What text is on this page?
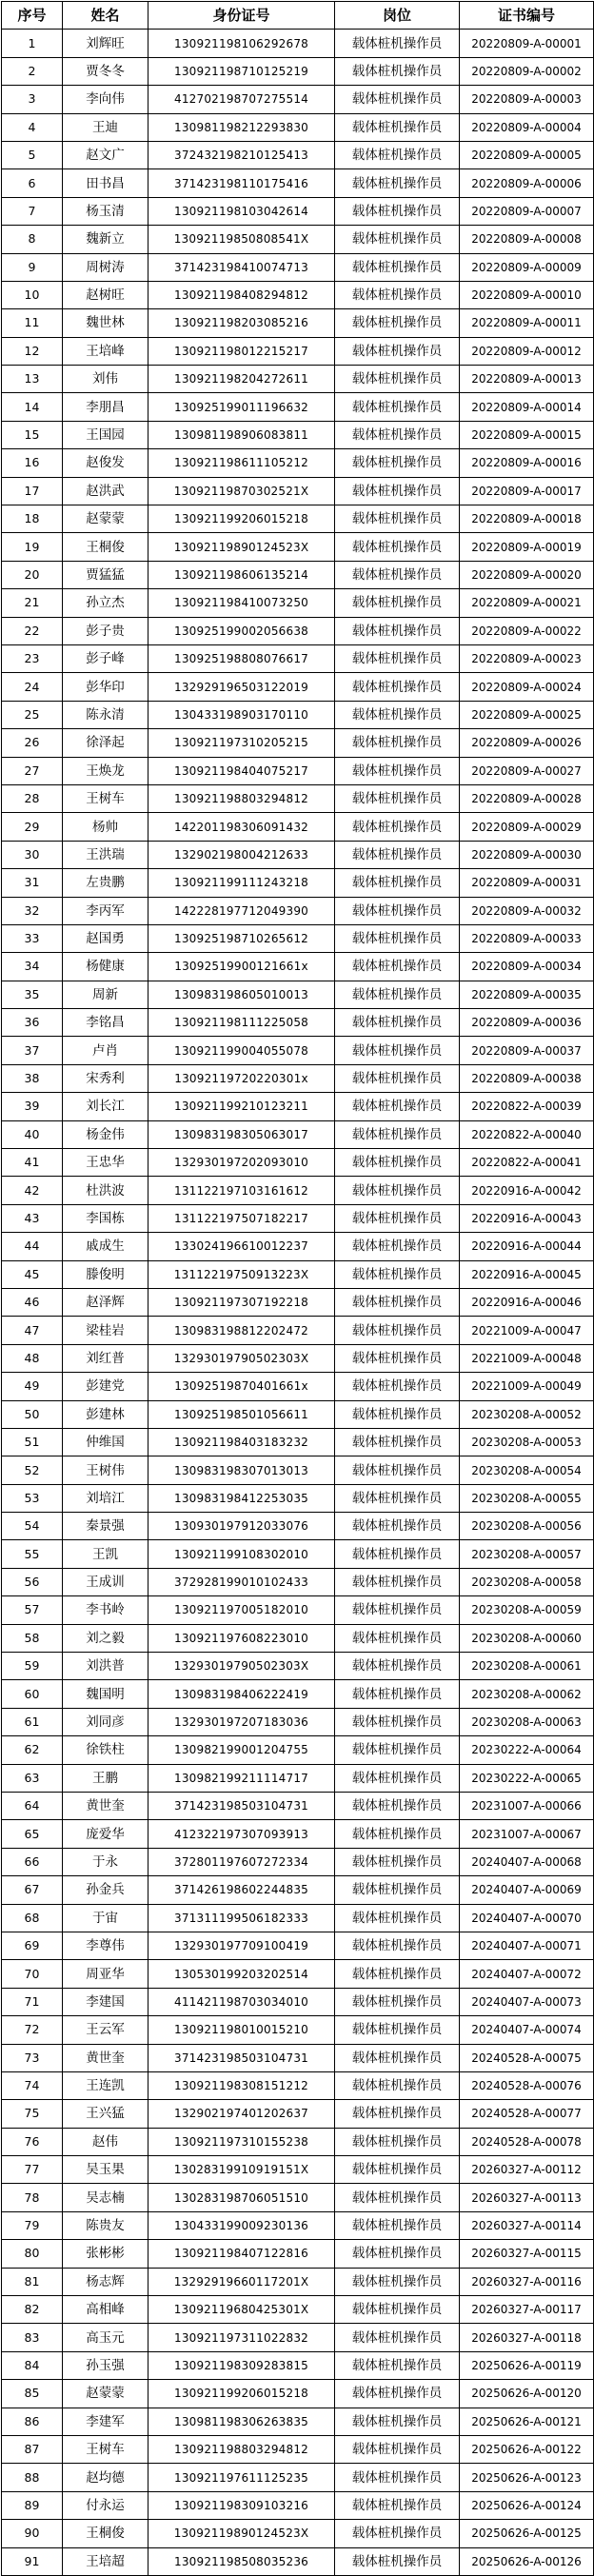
序号	姓名	身份证号	岗位	证书编号
1	刘辉旺	130921198106292678	载体桩机操作员	20220809-A-00001
2	贾冬冬	130921198710125219	载体桩机操作员	20220809-A-00002
3	李向伟	412702198707275514	载体桩机操作员	20220809-A-00003
4	王迪	130981198212293830	载体桩机操作员	20220809-A-00004
5	赵文广	372432198210125413	载体桩机操作员	20220809-A-00005
6	田书昌	371423198110175416	载体桩机操作员	20220809-A-00006
7	杨玉清	130921198103042614	载体桩机操作员	20220809-A-00007
8	魏新立	13092119850808541X	载体桩机操作员	20220809-A-00008
9	周树涛	371423198410074713	载体桩机操作员	20220809-A-00009
10	赵树旺	130921198408294812	载体桩机操作员	20220809-A-00010
11	魏世林	130921198203085216	载体桩机操作员	20220809-A-00011
12	王培峰	130921198012215217	载体桩机操作员	20220809-A-00012
13	刘伟	130921198204272611	载体桩机操作员	20220809-A-00013
14	李朋昌	130925199011196632	载体桩机操作员	20220809-A-00014
15	王国园	130981198906083811	载体桩机操作员	20220809-A-00015
16	赵俊发	130921198611105212	载体桩机操作员	20220809-A-00016
17	赵洪武	13092119870302521X	载体桩机操作员	20220809-A-00017
18	赵蒙蒙	130921199206015218	载体桩机操作员	20220809-A-00018
19	王桐俊	13092119890124523X	载体桩机操作员	20220809-A-00019
20	贾猛猛	130921198606135214	载体桩机操作员	20220809-A-00020
21	孙立杰	130921198410073250	载体桩机操作员	20220809-A-00021
22	彭子贵	130925199002056638	载体桩机操作员	20220809-A-00022
23	彭子峰	130925198808076617	载体桩机操作员	20220809-A-00023
24	彭华印	132929196503122019	载体桩机操作员	20220809-A-00024
25	陈永清	130433198903170110	载体桩机操作员	20220809-A-00025
26	徐泽起	130921197310205215	载体桩机操作员	20220809-A-00026
27	王焕龙	130921198404075217	载体桩机操作员	20220809-A-00027
28	王树车	130921198803294812	载体桩机操作员	20220809-A-00028
29	杨帅	142201198306091432	载体桩机操作员	20220809-A-00029
30	王洪瑞	132902198004212633	载体桩机操作员	20220809-A-00030
31	左贵鹏	130921199111243218	载体桩机操作员	20220809-A-00031
32	李丙军	142228197712049390	载体桩机操作员	20220809-A-00032
33	赵国勇	130925198710265612	载体桩机操作员	20220809-A-00033
34	杨健康	13092519900121661x	载体桩机操作员	20220809-A-00034
35	周新	130983198605010013	载体桩机操作员	20220809-A-00035
36	李铭昌	130921198111225058	载体桩机操作员	20220809-A-00036
37	卢肖	130921199004055078	载体桩机操作员	20220809-A-00037
38	宋秀利	13092119720220301x	载体桩机操作员	20220809-A-00038
39	刘长江	130921199210123211	载体桩机操作员	20220822-A-00039
40	杨金伟	130983198305063017	载体桩机操作员	20220822-A-00040
41	王忠华	132930197202093010	载体桩机操作员	20220822-A-00041
42	杜洪波	131122197103161612	载体桩机操作员	20220916-A-00042
43	李国栋	131122197507182217	载体桩机操作员	20220916-A-00043
44	戚成生	133024196610012237	载体桩机操作员	20220916-A-00044
45	滕俊明	13112219750913223X	载体桩机操作员	20220916-A-00045
46	赵泽辉	130921197307192218	载体桩机操作员	20220916-A-00046
47	梁桂岩	130983198812202472	载体桩机操作员	20221009-A-00047
48	刘红普	13293019790502303X	载体桩机操作员	20221009-A-00048
49	彭建党	13092519870401661x	载体桩机操作员	20221009-A-00049
50	彭建林	130925198501056611	载体桩机操作员	20230208-A-00052
51	仲维国	130921198403183232	载体桩机操作员	20230208-A-00053
52	王树伟	130983198307013013	载体桩机操作员	20230208-A-00054
53	刘培江	130983198412253035	载体桩机操作员	20230208-A-00055
54	秦景强	130930197912033076	载体桩机操作员	20230208-A-00056
55	王凯	130921199108302010	载体桩机操作员	20230208-A-00057
56	王成训	372928199010102433	载体桩机操作员	20230208-A-00058
57	李书岭	130921197005182010	载体桩机操作员	20230208-A-00059
58	刘之毅	130921197608223010	载体桩机操作员	20230208-A-00060
59	刘洪普	13293019790502303X	载体桩机操作员	20230208-A-00061
60	魏国明	130983198406222419	载体桩机操作员	20230208-A-00062
61	刘同彦	132930197207183036	载体桩机操作员	20230208-A-00063
62	徐铁柱	130982199001204755	载体桩机操作员	20230222-A-00064
63	王鹏	130982199211114717	载体桩机操作员	20230222-A-00065
64	黄世奎	371423198503104731	载体桩机操作员	20231007-A-00066
65	庞爱华	412322197307093913	载体桩机操作员	20231007-A-00067
66	于永	372801197607272334	载体桩机操作员	20240407-A-00068
67	孙金兵	371426198602244835	载体桩机操作员	20240407-A-00069
68	于宙	371311199506182333	载体桩机操作员	20240407-A-00070
69	李尊伟	132930197709100419	载体桩机操作员	20240407-A-00071
70	周亚华	130530199203202514	载体桩机操作员	20240407-A-00072
71	李建国	411421198703034010	载体桩机操作员	20240407-A-00073
72	王云军	130921198010015210	载体桩机操作员	20240407-A-00074
73	黄世奎	371423198503104731	载体桩机操作员	20240528-A-00075
74	王连凯	130921198308151212	载体桩机操作员	20240528-A-00076
75	王兴猛	132902197401202637	载体桩机操作员	20240528-A-00077
76	赵伟	130921197310155238	载体桩机操作员	20240528-A-00078
77	吴玉果	13028319910919151X	载体桩机操作员	20260327-A-00112
78	吴志楠	130283198706051510	载体桩机操作员	20260327-A-00113
79	陈贵友	130433199009230136	载体桩机操作员	20260327-A-00114
80	张彬彬	130921198407122816	载体桩机操作员	20260327-A-00115
81	杨志辉	13292919660117201X	载体桩机操作员	20260327-A-00116
82	高相峰	13092119680425301X	载体桩机操作员	20260327-A-00117
83	高玉元	130921197311022832	载体桩机操作员	20260327-A-00118
84	孙玉强	130921198309283815	载体桩机操作员	20250626-A-00119
85	赵蒙蒙	130921199206015218	载体桩机操作员	20250626-A-00120
86	李建军	130981198306263835	载体桩机操作员	20250626-A-00121
87	王树车	130921198803294812	载体桩机操作员	20250626-A-00122
88	赵均德	130921197611125235	载体桩机操作员	20250626-A-00123
89	付永运	130921198309103216	载体桩机操作员	20250626-A-00124
90	王桐俊	13092119890124523X	载体桩机操作员	20250626-A-00125
91	王培超	130921198508035236	载体桩机操作员	20250626-A-00126
